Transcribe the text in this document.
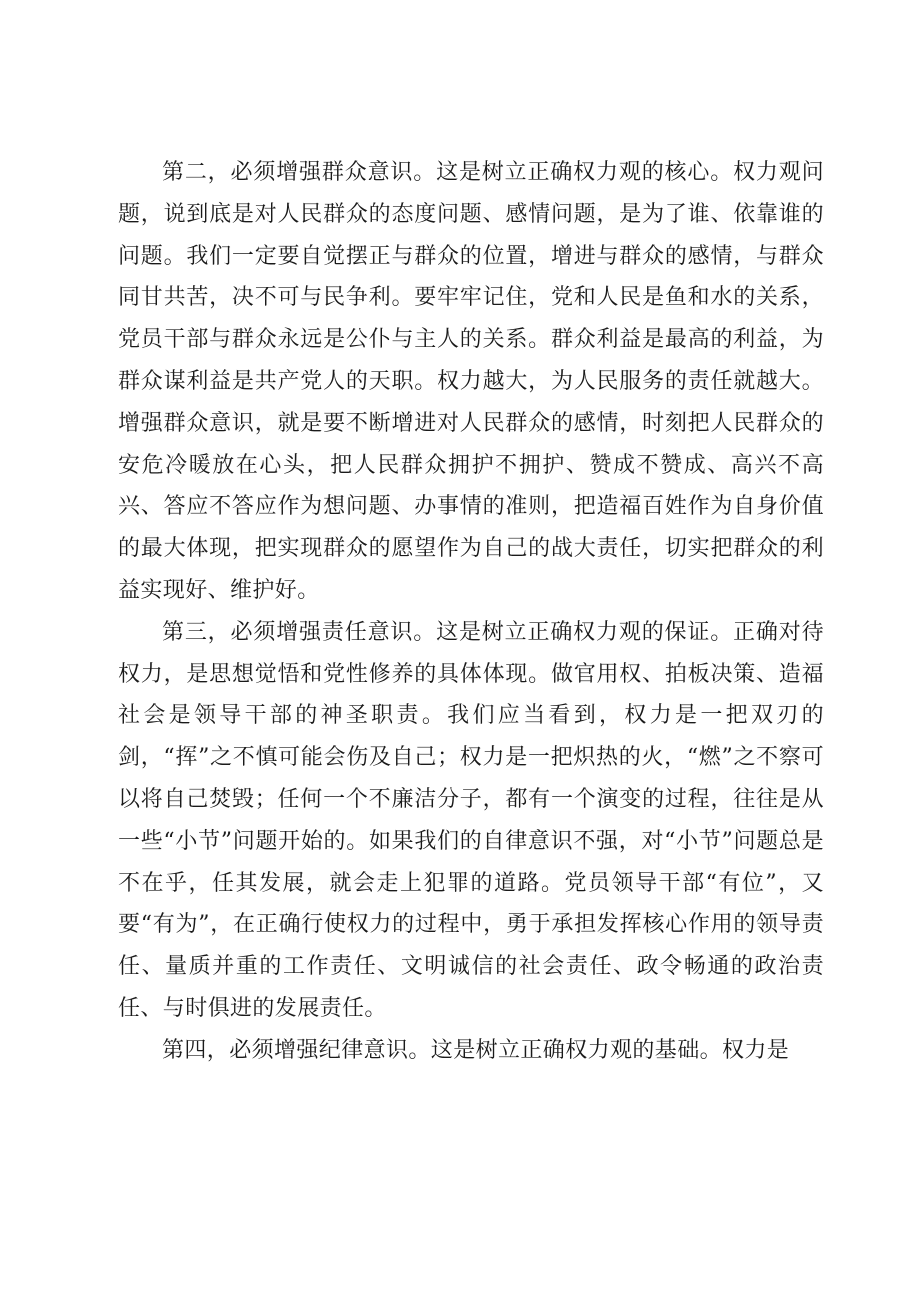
第二，必须增强群众意识。这是树立正确权力观的核心。权力观问题，说到底是对人民群众的态度问题、感情问题，是为了谁、依靠谁的问题。我们一定要自觉摆正与群众的位置，增进与群众的感情，与群众同甘共苦，决不可与民争利。要牢牢记住，党和人民是鱼和水的关系，党员干部与群众永远是公仆与主人的关系。群众利益是最高的利益，为群众谋利益是共产党人的天职。权力越大，为人民服务的责任就越大。增强群众意识，就是要不断增进对人民群众的感情，时刻把人民群众的安危冷暖放在心头，把人民群众拥护不拥护、赞成不赞成、高兴不高兴、答应不答应作为想问题、办事情的准则，把造福百姓作为自身价值的最大体现，把实现群众的愿望作为自己的战大责任，切实把群众的利益实现好、维护好。

第三，必须增强责任意识。这是树立正确权力观的保证。正确对待权力，是思想觉悟和党性修养的具体体现。做官用权、拍板决策、造福社会是领导干部的神圣职责。我们应当看到，权力是一把双刃的剑，“挥”之不慎可能会伤及自己；权力是一把炽热的火，“燃”之不察可以将自己焚毁；任何一个不廉洁分子，都有一个演变的过程，往往是从一些“小节”问题开始的。如果我们的自律意识不强，对“小节”问题总是不在乎，任其发展，就会走上犯罪的道路。党员领导干部“有位”，又要“有为”，在正确行使权力的过程中，勇于承担发挥核心作用的领导责任、量质并重的工作责任、文明诚信的社会责任、政令畅通的政治责任、与时俱进的发展责任。

第四，必须增强纪律意识。这是树立正确权力观的基础。权力是
